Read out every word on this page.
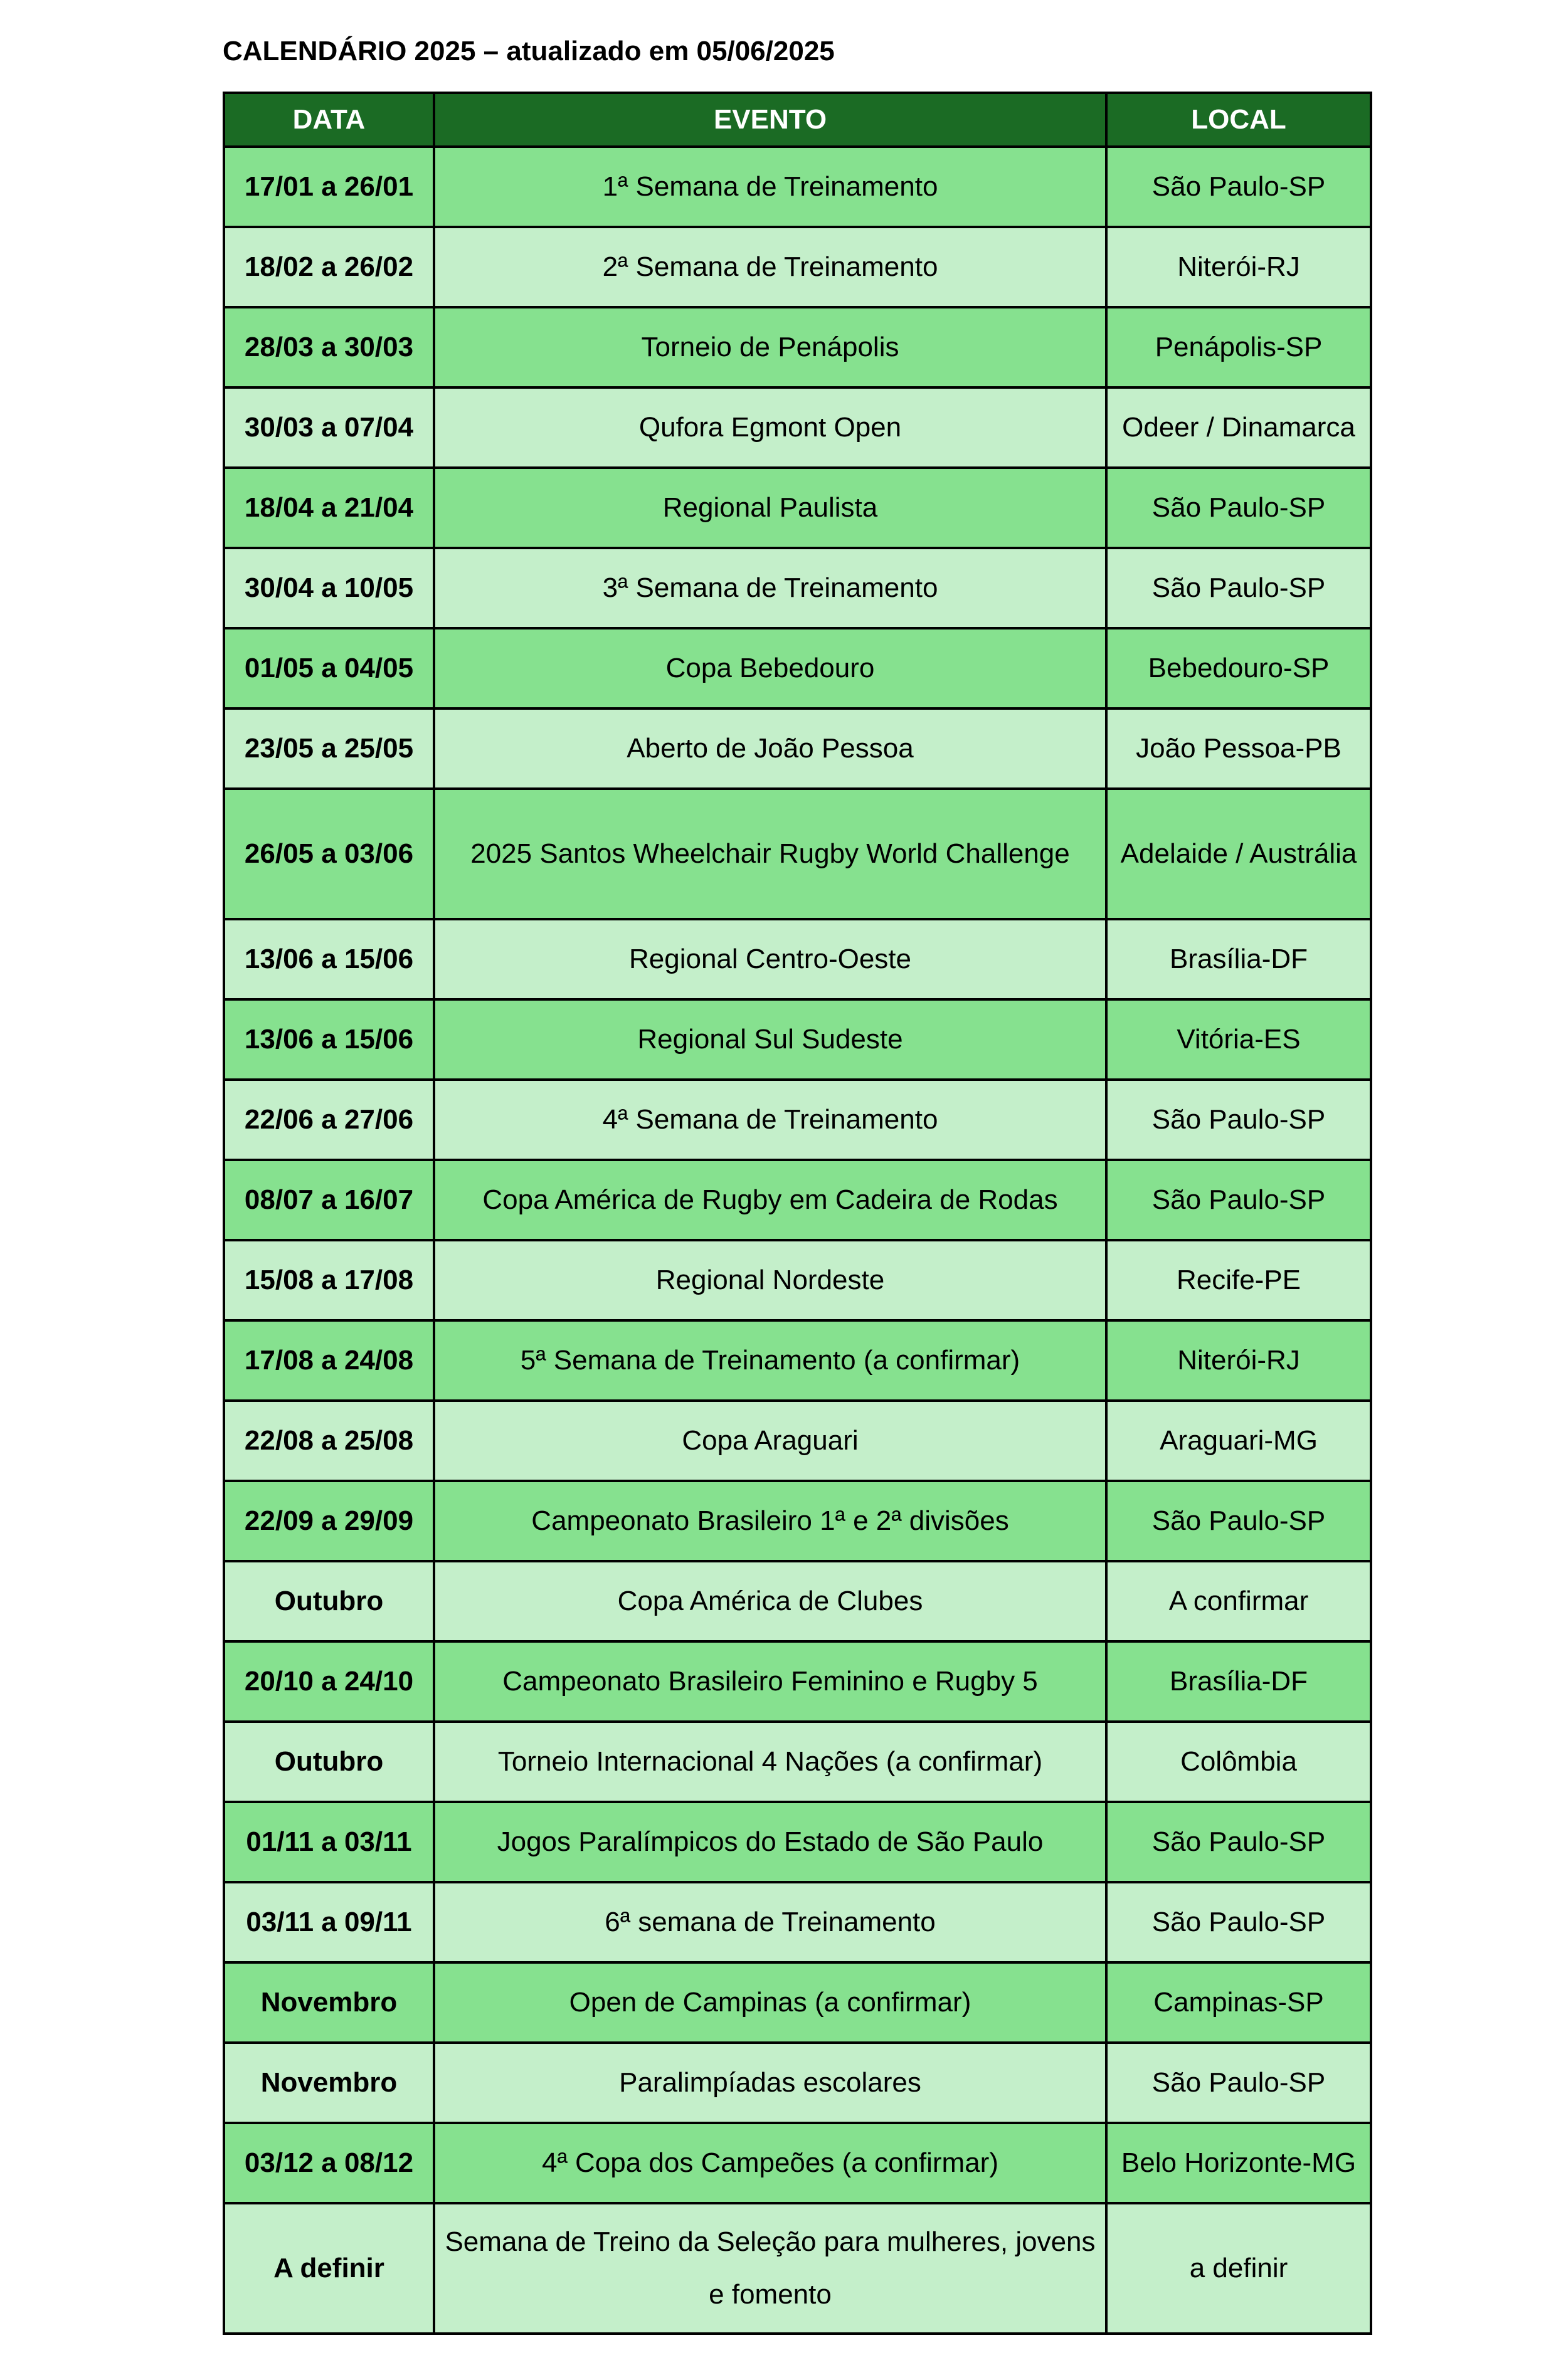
CALENDÁRIO 2025 – atualizado em 05/06/2025
DATA	EVENTO	LOCAL
17/01 a 26/01	1ª Semana de Treinamento	São Paulo-SP
18/02 a 26/02	2ª Semana de Treinamento	Niterói-RJ
28/03 a 30/03	Torneio de Penápolis	Penápolis-SP
30/03 a 07/04	Qufora Egmont Open	Odeer / Dinamarca
18/04 a 21/04	Regional Paulista	São Paulo-SP
30/04 a 10/05	3ª Semana de Treinamento	São Paulo-SP
01/05 a 04/05	Copa Bebedouro	Bebedouro-SP
23/05 a 25/05	Aberto de João Pessoa	João Pessoa-PB
26/05 a 03/06	2025 Santos Wheelchair Rugby World Challenge	Adelaide / Austrália
13/06 a 15/06	Regional Centro-Oeste	Brasília-DF
13/06 a 15/06	Regional Sul Sudeste	Vitória-ES
22/06 a 27/06	4ª Semana de Treinamento	São Paulo-SP
08/07 a 16/07	Copa América de Rugby em Cadeira de Rodas	São Paulo-SP
15/08 a 17/08	Regional Nordeste	Recife-PE
17/08 a 24/08	5ª Semana de Treinamento (a confirmar)	Niterói-RJ
22/08 a 25/08	Copa Araguari	Araguari-MG
22/09 a 29/09	Campeonato Brasileiro 1ª e 2ª divisões	São Paulo-SP
Outubro	Copa América de Clubes	A confirmar
20/10 a 24/10	Campeonato Brasileiro Feminino e Rugby 5	Brasília-DF
Outubro	Torneio Internacional 4 Nações (a confirmar)	Colômbia
01/11 a 03/11	Jogos Paralímpicos do Estado de São Paulo	São Paulo-SP
03/11 a 09/11	6ª semana de Treinamento	São Paulo-SP
Novembro	Open de Campinas (a confirmar)	Campinas-SP
Novembro	Paralimpíadas escolares	São Paulo-SP
03/12 a 08/12	4ª Copa dos Campeões (a confirmar)	Belo Horizonte-MG
A definir	Semana de Treino da Seleção para mulheres, jovens e fomento	a definir
